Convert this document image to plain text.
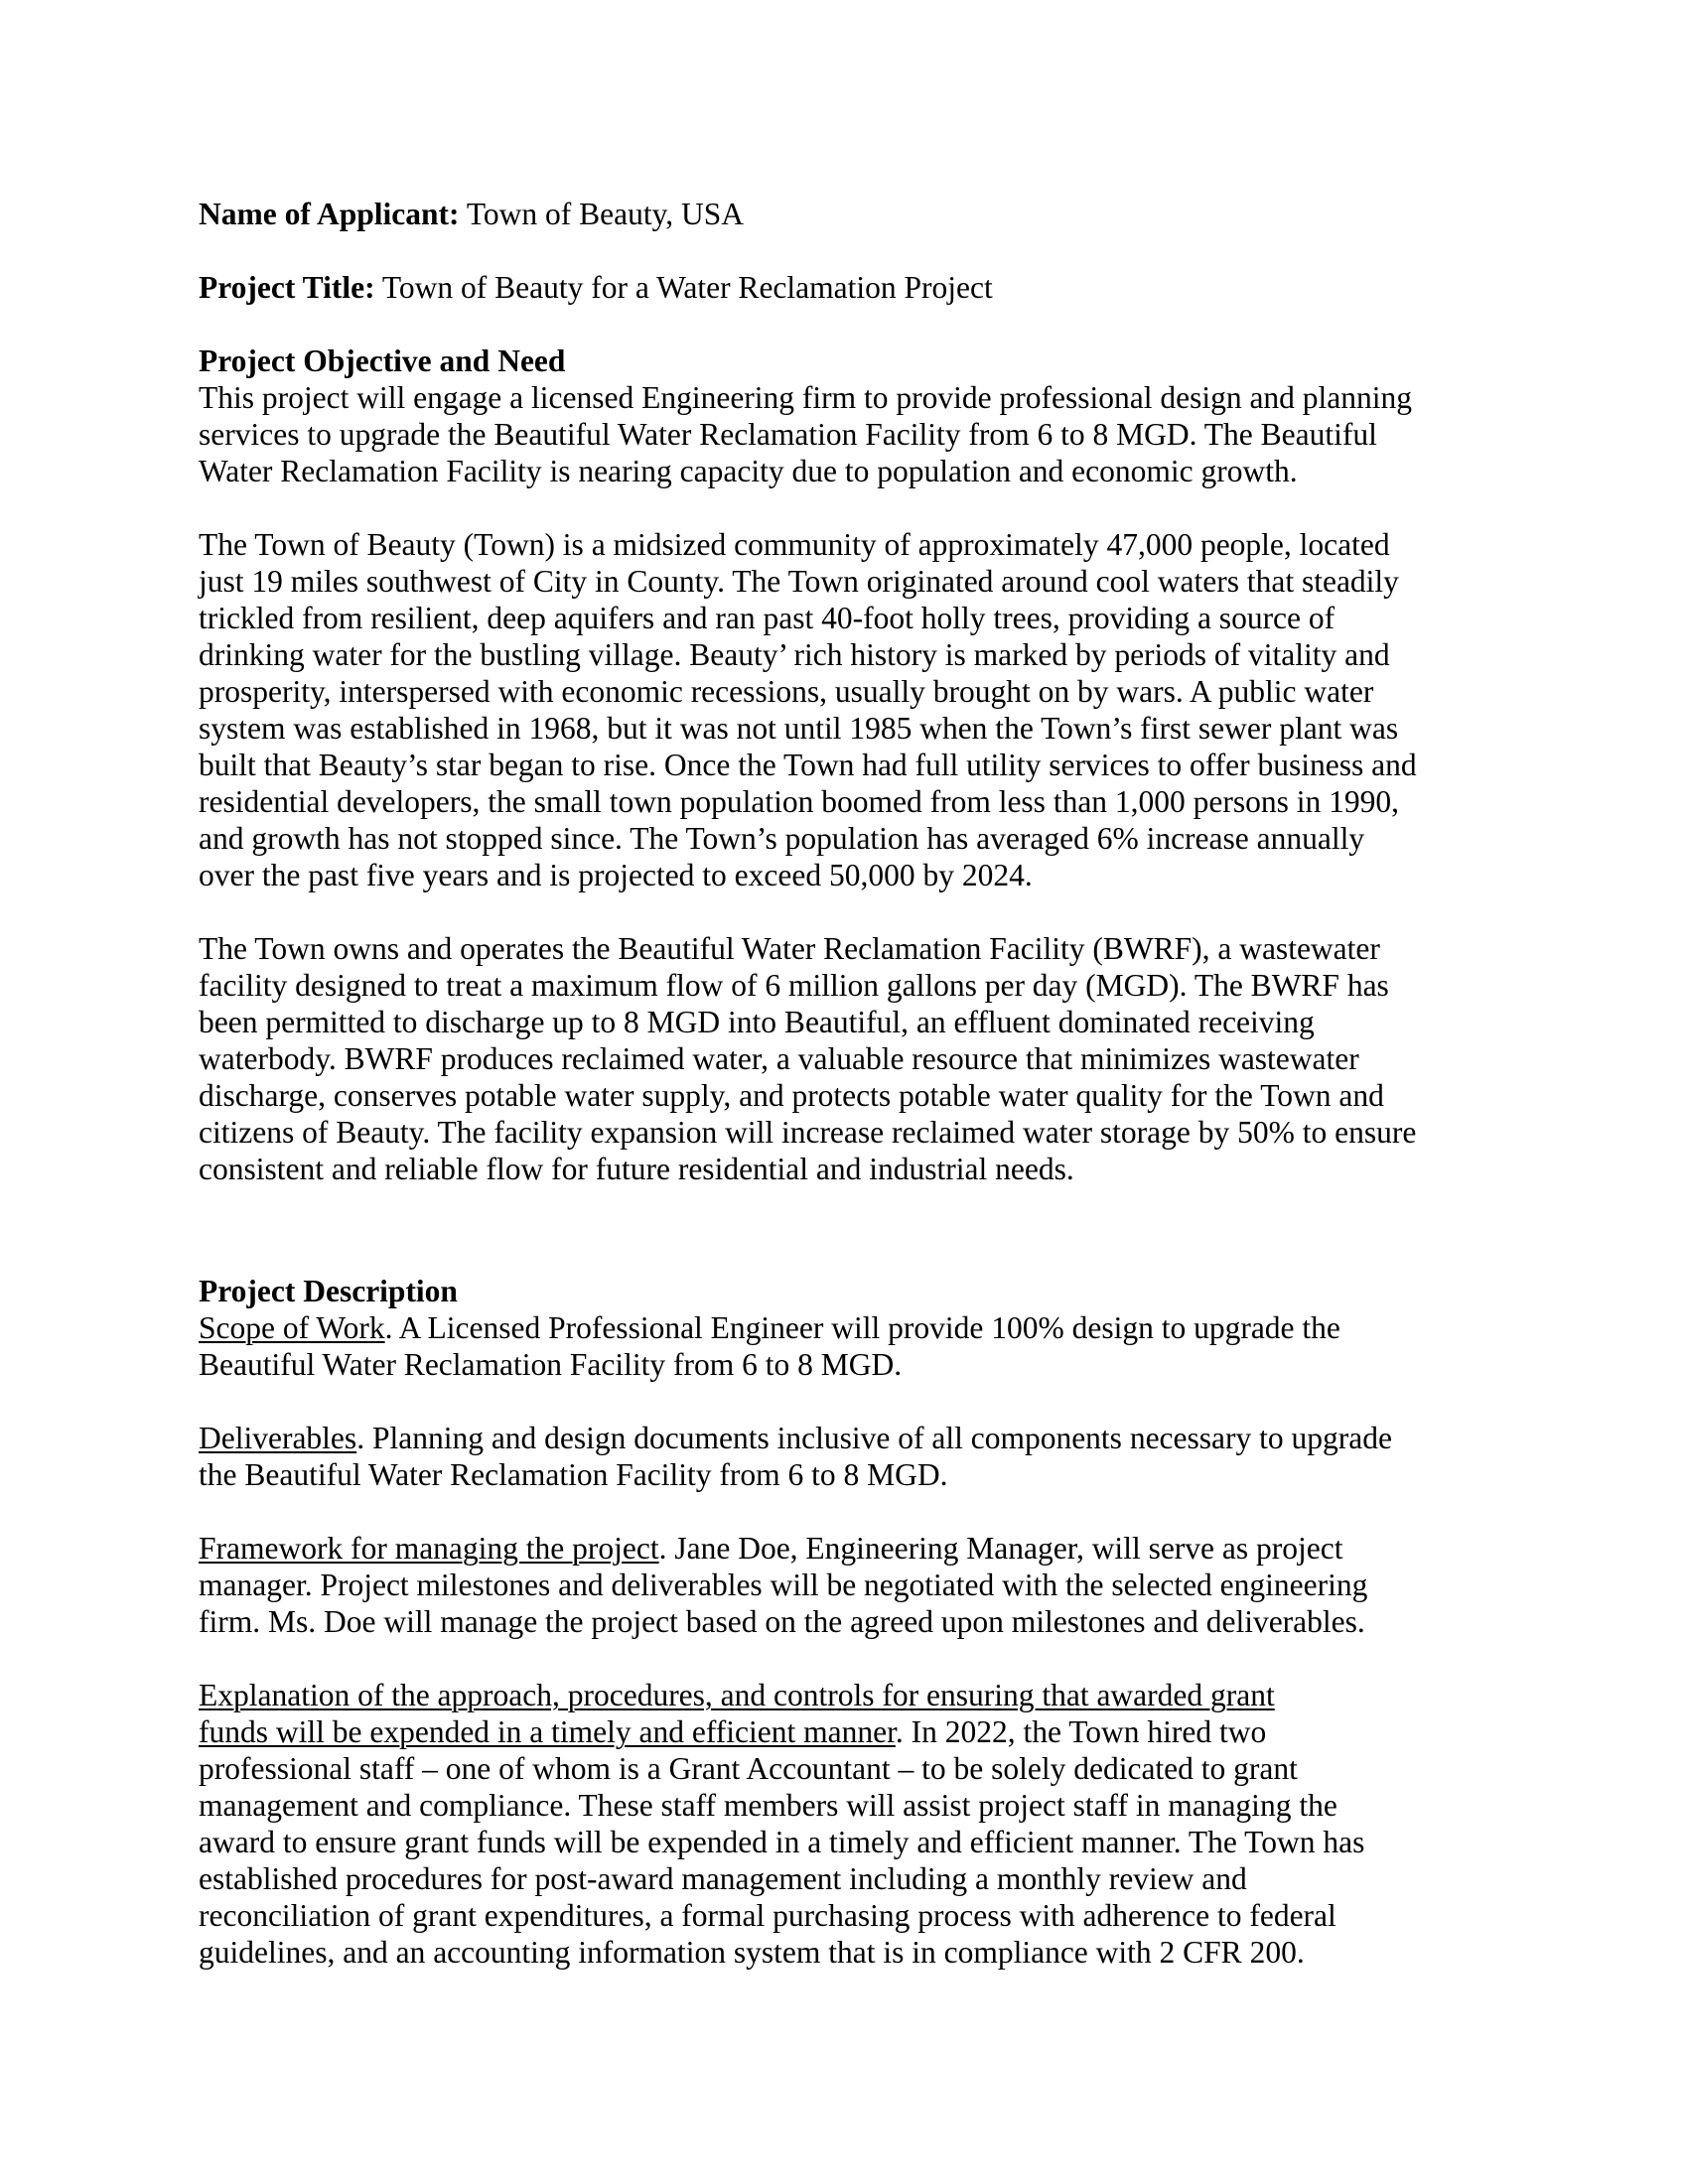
Name of Applicant: Town of Beauty, USA
Project Title: Town of Beauty for a Water Reclamation Project
Project Objective and Need
This project will engage a licensed Engineering firm to provide professional design and planning
services to upgrade the Beautiful Water Reclamation Facility from 6 to 8 MGD. The Beautiful
Water Reclamation Facility is nearing capacity due to population and economic growth.
The Town of Beauty (Town) is a midsized community of approximately 47,000 people, located
just 19 miles southwest of City in County. The Town originated around cool waters that steadily
trickled from resilient, deep aquifers and ran past 40-foot holly trees, providing a source of
drinking water for the bustling village. Beauty’ rich history is marked by periods of vitality and
prosperity, interspersed with economic recessions, usually brought on by wars. A public water
system was established in 1968, but it was not until 1985 when the Town’s first sewer plant was
built that Beauty’s star began to rise. Once the Town had full utility services to offer business and
residential developers, the small town population boomed from less than 1,000 persons in 1990,
and growth has not stopped since. The Town’s population has averaged 6% increase annually
over the past five years and is projected to exceed 50,000 by 2024.
The Town owns and operates the Beautiful Water Reclamation Facility (BWRF), a wastewater
facility designed to treat a maximum flow of 6 million gallons per day (MGD). The BWRF has
been permitted to discharge up to 8 MGD into Beautiful, an effluent dominated receiving
waterbody. BWRF produces reclaimed water, a valuable resource that minimizes wastewater
discharge, conserves potable water supply, and protects potable water quality for the Town and
citizens of Beauty. The facility expansion will increase reclaimed water storage by 50% to ensure
consistent and reliable flow for future residential and industrial needs.
Project Description
Scope of Work. A Licensed Professional Engineer will provide 100% design to upgrade the
Beautiful Water Reclamation Facility from 6 to 8 MGD.
Deliverables. Planning and design documents inclusive of all components necessary to upgrade
the Beautiful Water Reclamation Facility from 6 to 8 MGD.
Framework for managing the project. Jane Doe, Engineering Manager, will serve as project
manager. Project milestones and deliverables will be negotiated with the selected engineering
firm. Ms. Doe will manage the project based on the agreed upon milestones and deliverables.
Explanation of the approach, procedures, and controls for ensuring that awarded grant
funds will be expended in a timely and efficient manner. In 2022, the Town hired two
professional staff – one of whom is a Grant Accountant – to be solely dedicated to grant
management and compliance. These staff members will assist project staff in managing the
award to ensure grant funds will be expended in a timely and efficient manner. The Town has
established procedures for post-award management including a monthly review and
reconciliation of grant expenditures, a formal purchasing process with adherence to federal
guidelines, and an accounting information system that is in compliance with 2 CFR 200.
